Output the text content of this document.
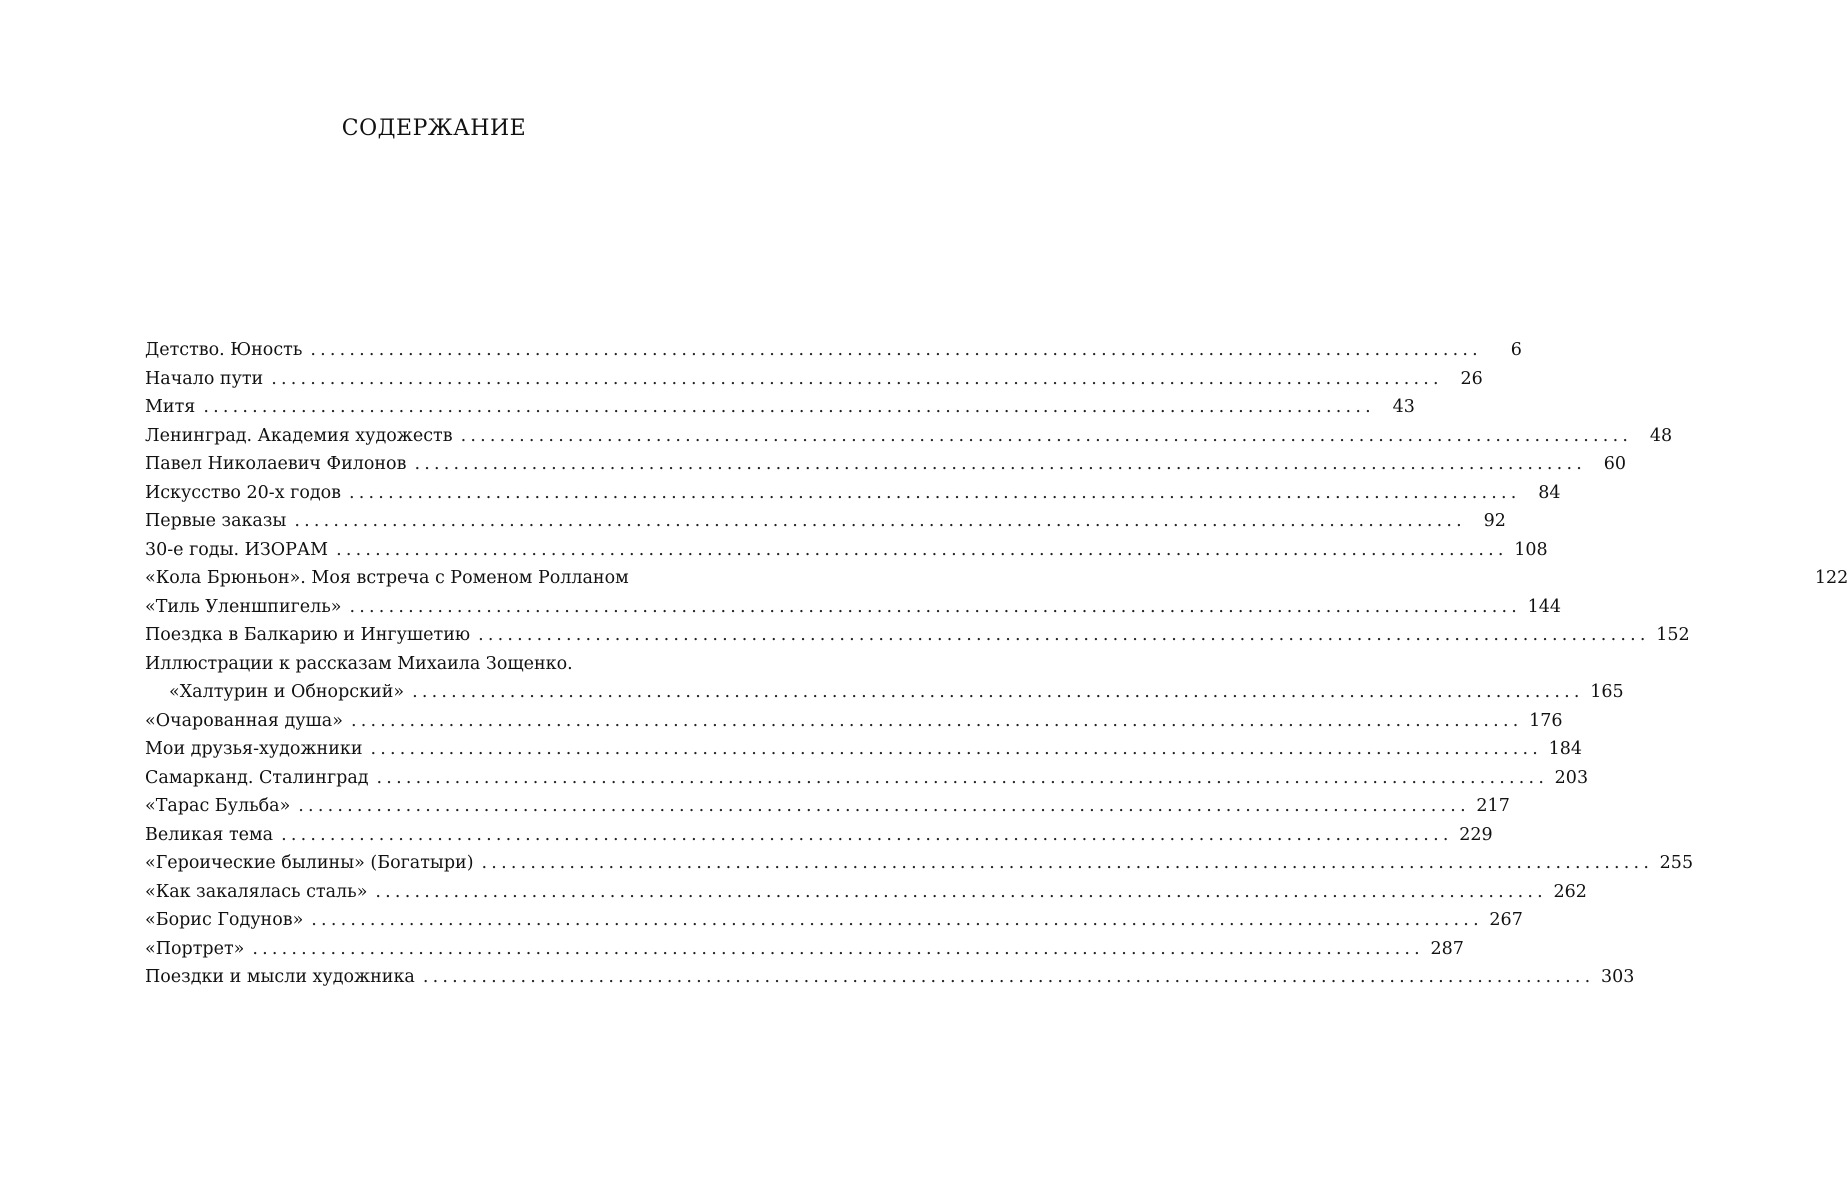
СОДЕРЖАНИЕ
Детство. Юность ........................................................................................................................	6
Начало пути ........................................................................................................................	26
Митя ........................................................................................................................	43
Ленинград. Академия художеств ........................................................................................................................	48
Павел Николаевич Филонов ........................................................................................................................	60
Искусство 20-х годов ........................................................................................................................	84
Первые заказы ........................................................................................................................	92
30-е годы. ИЗОРАМ ........................................................................................................................ 108
«Кола Брюньон». Моя встреча с Роменом Ролланом	122
«Тиль Уленшпигель» ........................................................................................................................ 144
Поездка в Балкарию и Ингушетию ........................................................................................................................ 152
Иллюстрации к рассказам Михаила Зощенко.
«Халтурин и Обнорский» ........................................................................................................................ 165
«Очарованная душа» ........................................................................................................................ 176
Мои друзья-художники ........................................................................................................................ 184
Самарканд. Сталинград ........................................................................................................................ 203
«Тарас Бульба» ........................................................................................................................ 217
Великая тема ........................................................................................................................ 229
«Героические былины» (Богатыри) ........................................................................................................................ 255
«Как закалялась сталь» ........................................................................................................................ 262
«Борис Годунов» ........................................................................................................................ 267
«Портрет» ........................................................................................................................ 287
Поездки и мысли художника ........................................................................................................................ 303
